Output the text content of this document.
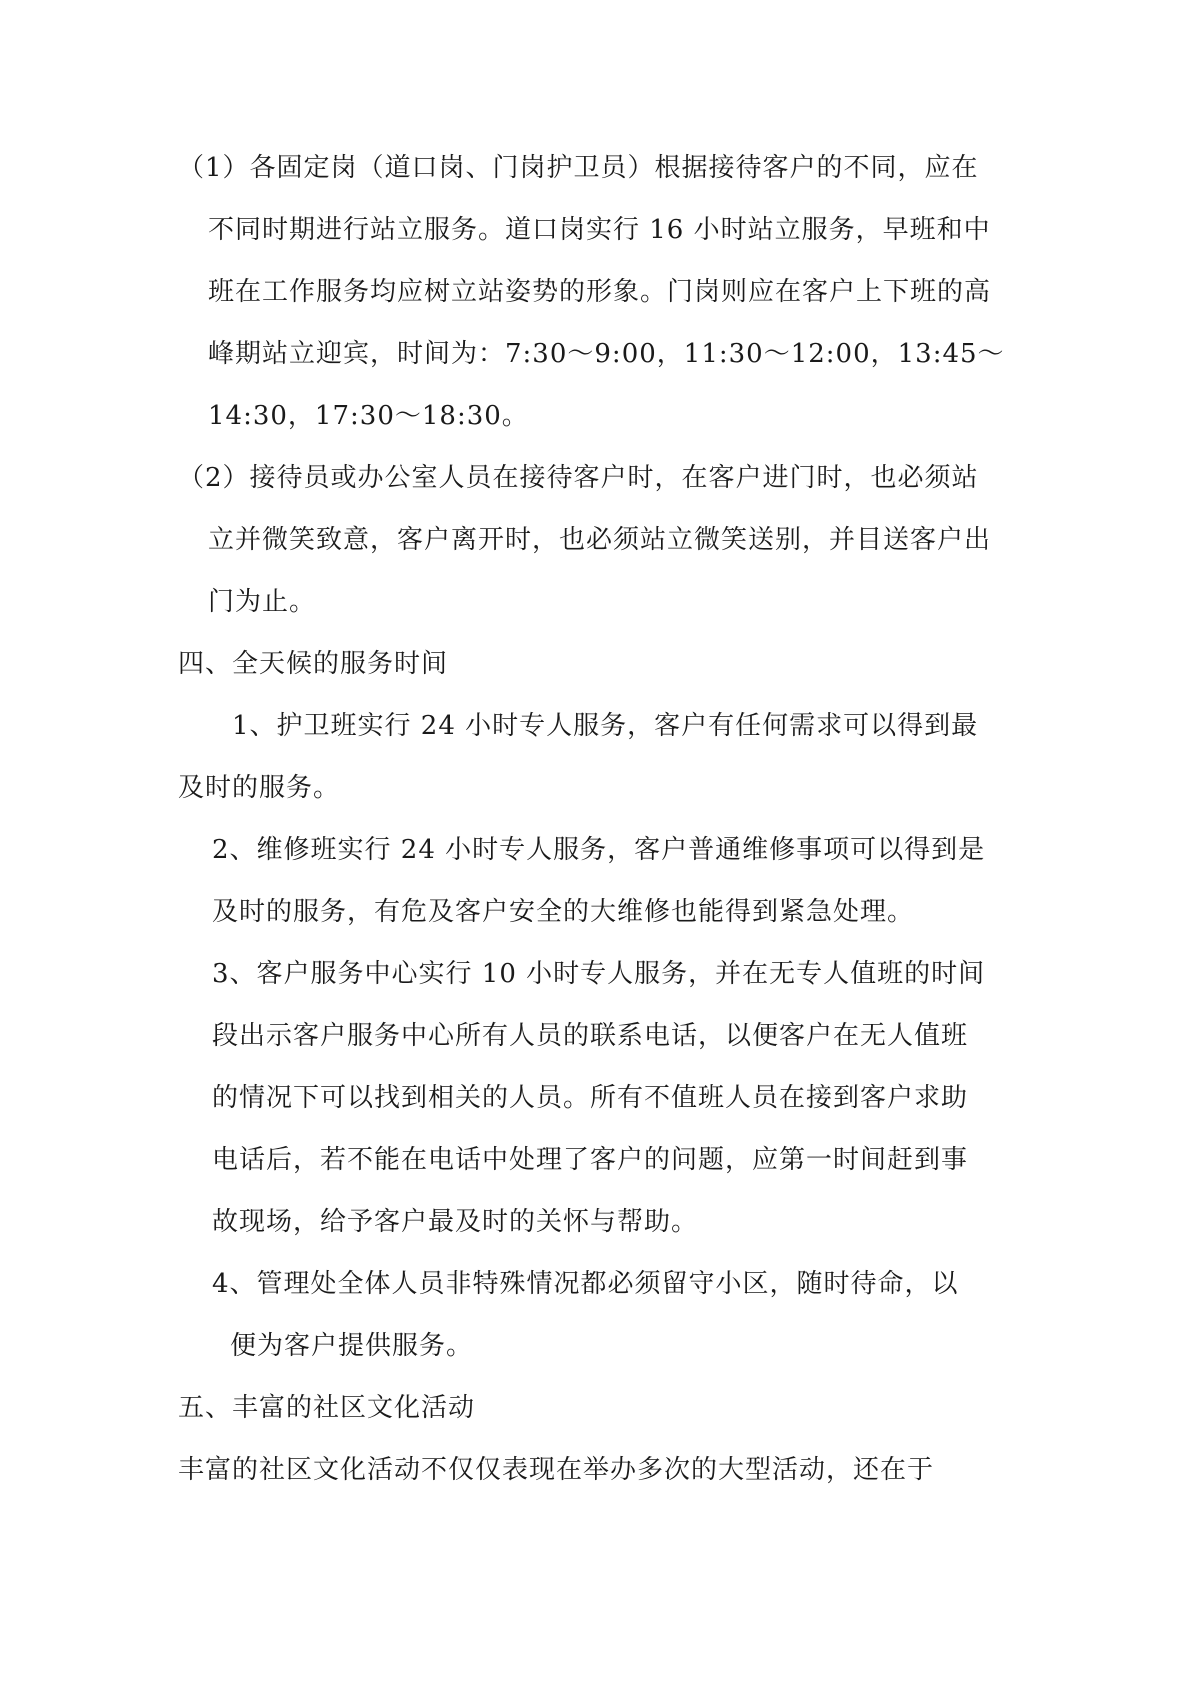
（1）各固定岗（道口岗、门岗护卫员）根据接待客户的不同，应在
不同时期进行站立服务。道口岗实行 16 小时站立服务，早班和中
班在工作服务均应树立站姿势的形象。门岗则应在客户上下班的高
峰期站立迎宾，时间为：7:30～9:00，11:30～12:00，13:45～
14:30，17:30～18:30。
（2）接待员或办公室人员在接待客户时，在客户进门时，也必须站
立并微笑致意，客户离开时，也必须站立微笑送别，并目送客户出
门为止。
四、全天候的服务时间
1、护卫班实行 24 小时专人服务，客户有任何需求可以得到最
及时的服务。
2、维修班实行 24 小时专人服务，客户普通维修事项可以得到是
及时的服务，有危及客户安全的大维修也能得到紧急处理。
3、客户服务中心实行 10 小时专人服务，并在无专人值班的时间
段出示客户服务中心所有人员的联系电话，以便客户在无人值班
的情况下可以找到相关的人员。所有不值班人员在接到客户求助
电话后，若不能在电话中处理了客户的问题，应第一时间赶到事
故现场，给予客户最及时的关怀与帮助。
4、管理处全体人员非特殊情况都必须留守小区，随时待命，以
便为客户提供服务。
五、丰富的社区文化活动
丰富的社区文化活动不仅仅表现在举办多次的大型活动，还在于
